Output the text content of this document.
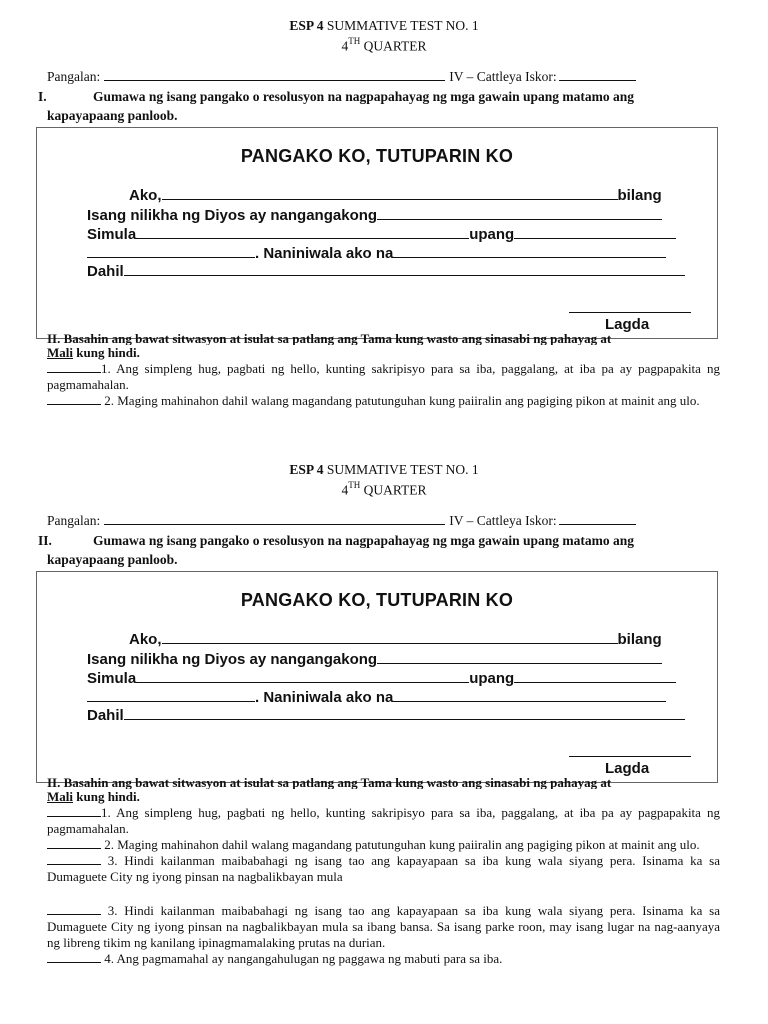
ESP 4 SUMMATIVE TEST NO. 1
4TH QUARTER
Pangalan:	IV – Cattleya Iskor:
I.	Gumawa ng isang pangako o resolusyon na nagpapahayag ng mga gawain upang matamo ang
kapayapaang panloob.
PANGAKO KO, TUTUPARIN KO
Ako,	bilang
Isang nilikha ng Diyos ay nangangakong
Simula	upang
. Naniniwala ako na
Dahil
Lagda
II. Basahin ang bawat sitwasyon at isulat sa patlang ang Tama kung wasto ang sinasabi ng pahayag at
Mali kung hindi.

1. Ang simpleng hug, pagbati ng hello, kunting sakripisyo para sa iba, paggalang, at iba pa ay pagpapakita ng pagmamahalan.

2. Maging mahinahon dahil walang magandang patutunguhan kung paiiralin ang pagiging pikon at mainit ang ulo.

ESP 4 SUMMATIVE TEST NO. 1
4TH QUARTER
Pangalan:	IV – Cattleya Iskor:
II.	Gumawa ng isang pangako o resolusyon na nagpapahayag ng mga gawain upang matamo ang
kapayapaang panloob.
PANGAKO KO, TUTUPARIN KO
Ako,	bilang
Isang nilikha ng Diyos ay nangangakong
Simula	upang
. Naniniwala ako na
Dahil
Lagda
II. Basahin ang bawat sitwasyon at isulat sa patlang ang Tama kung wasto ang sinasabi ng pahayag at
Mali kung hindi.

1. Ang simpleng hug, pagbati ng hello, kunting sakripisyo para sa iba, paggalang, at iba pa ay pagpapakita ng pagmamahalan.

2. Maging mahinahon dahil walang magandang patutunguhan kung paiiralin ang pagiging pikon at mainit ang ulo.

3. Hindi kailanman maibabahagi ng isang tao ang kapayapaan sa iba kung wala siyang pera. Isinama ka sa Dumaguete City ng iyong pinsan na nagbalikbayan mula

3. Hindi kailanman maibabahagi ng isang tao ang kapayapaan sa iba kung wala siyang pera. Isinama ka sa Dumaguete City ng iyong pinsan na nagbalikbayan mula sa ibang bansa. Sa isang parke roon, may isang lugar na nag-aanyaya ng libreng tikim ng kanilang ipinagmamalaking prutas na durian.

4. Ang pagmamahal ay nangangahulugan ng paggawa ng mabuti para sa iba.
